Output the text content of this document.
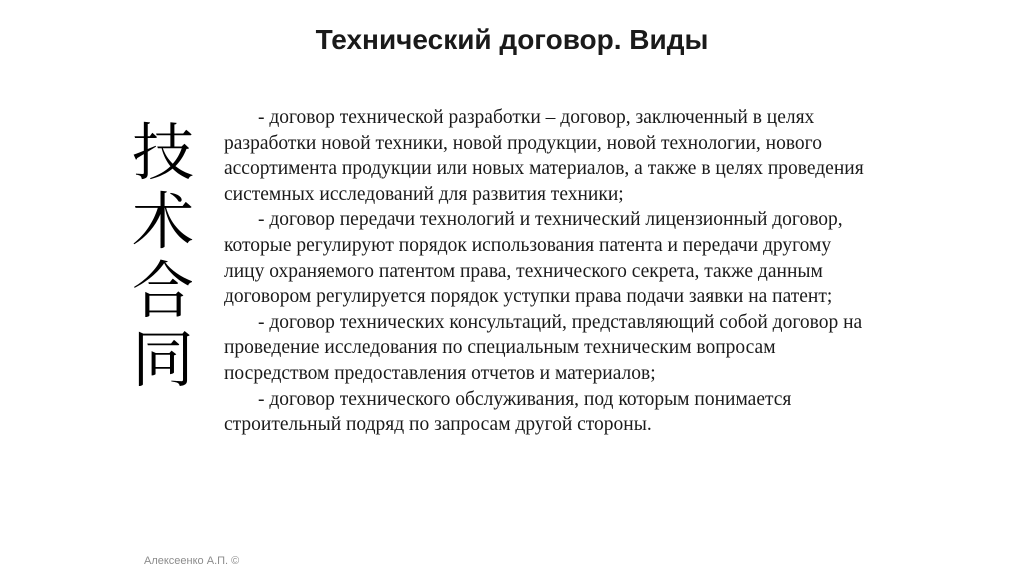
Технический договор. Виды
技
术
合
同

- договор технической разработки – договор, заключенный в целях разработки новой техники, новой продукции, новой технологии, нового ассортимента продукции или новых материалов, а также в целях проведения системных исследований для развития техники;

- договор передачи технологий и технический лицензионный договор, которые регулируют порядок использования патента и передачи другому лицу охраняемого патентом права, технического секрета, также данным договором регулируется порядок уступки права подачи заявки на патент;

- договор технических консультаций, представляющий собой договор на проведение исследования по специальным техническим вопросам посредством предоставления отчетов и материалов;

- договор технического обслуживания, под которым понимается строительный подряд по запросам другой стороны.

Алексеенко А.П. ©
